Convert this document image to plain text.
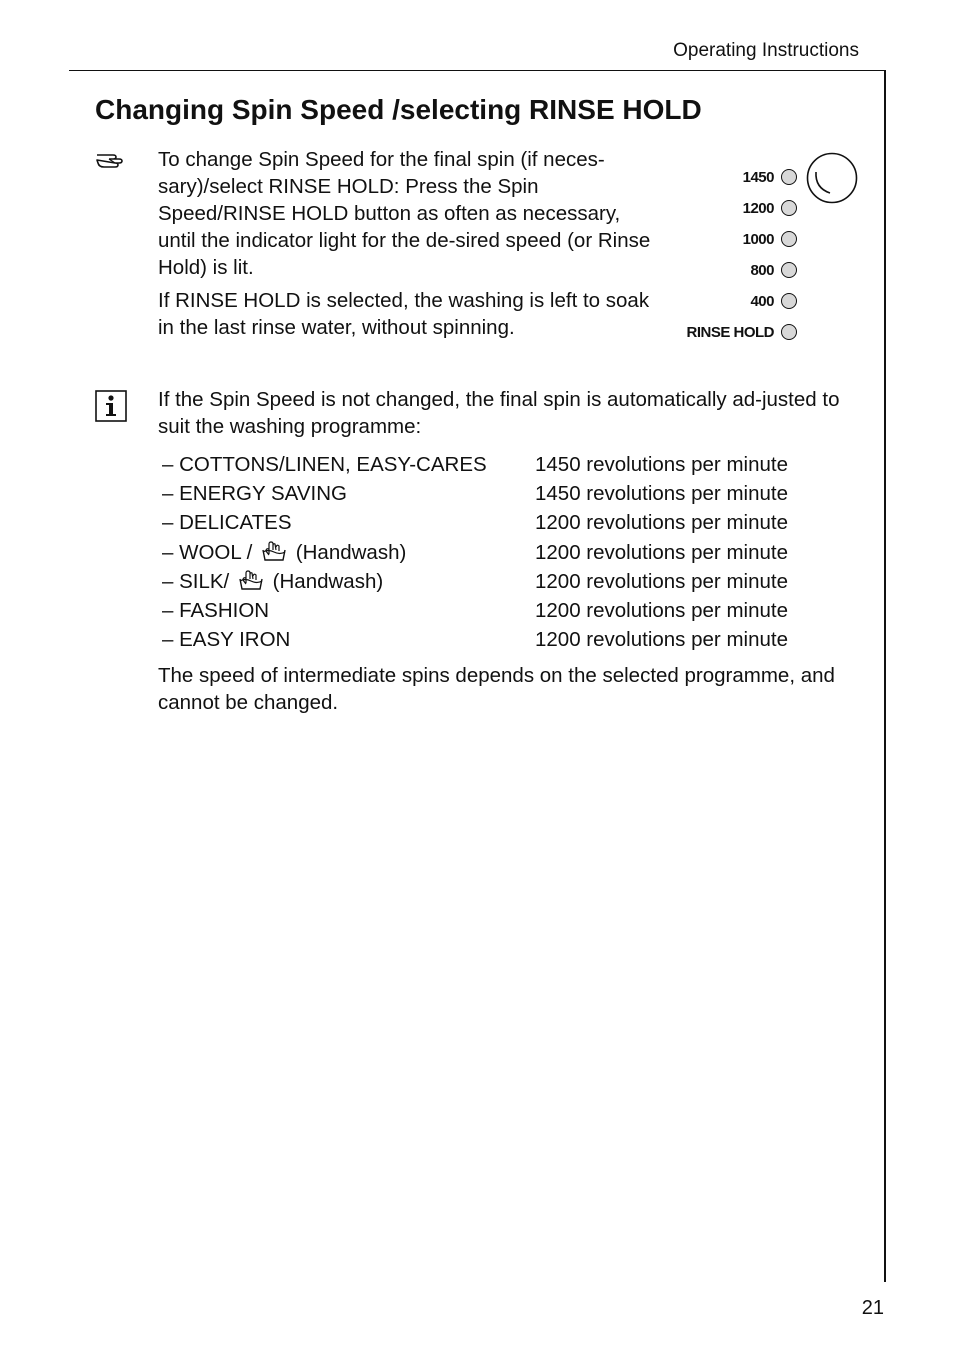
Operating Instructions
Changing Spin Speed /selecting RINSE HOLD

To change Spin Speed for the final spin (if neces-sary)/select RINSE HOLD: Press the Spin Speed/RINSE HOLD button as often as necessary, until the indicator light for the de-sired speed (or Rinse Hold) is lit.

If RINSE HOLD is selected, the washing is left to soak in the last rinse water, without spinning.

1450
1200
1000
800
400
RINSE HOLD

If the Spin Speed is not changed, the final spin is automatically ad-justed to suit the washing programme:

– COTTONS/LINEN, EASY-CARES 1450 revolutions per minute
– ENERGY SAVING	1450 revolutions per minute
– DELICATES	1200 revolutions per minute
– WOOL / (Handwash)	1200 revolutions per minute
– SILK/ (Handwash)	1200 revolutions per minute
– FASHION	1200 revolutions per minute
– EASY IRON	1200 revolutions per minute

The speed of intermediate spins depends on the selected programme, and cannot be changed.

21
